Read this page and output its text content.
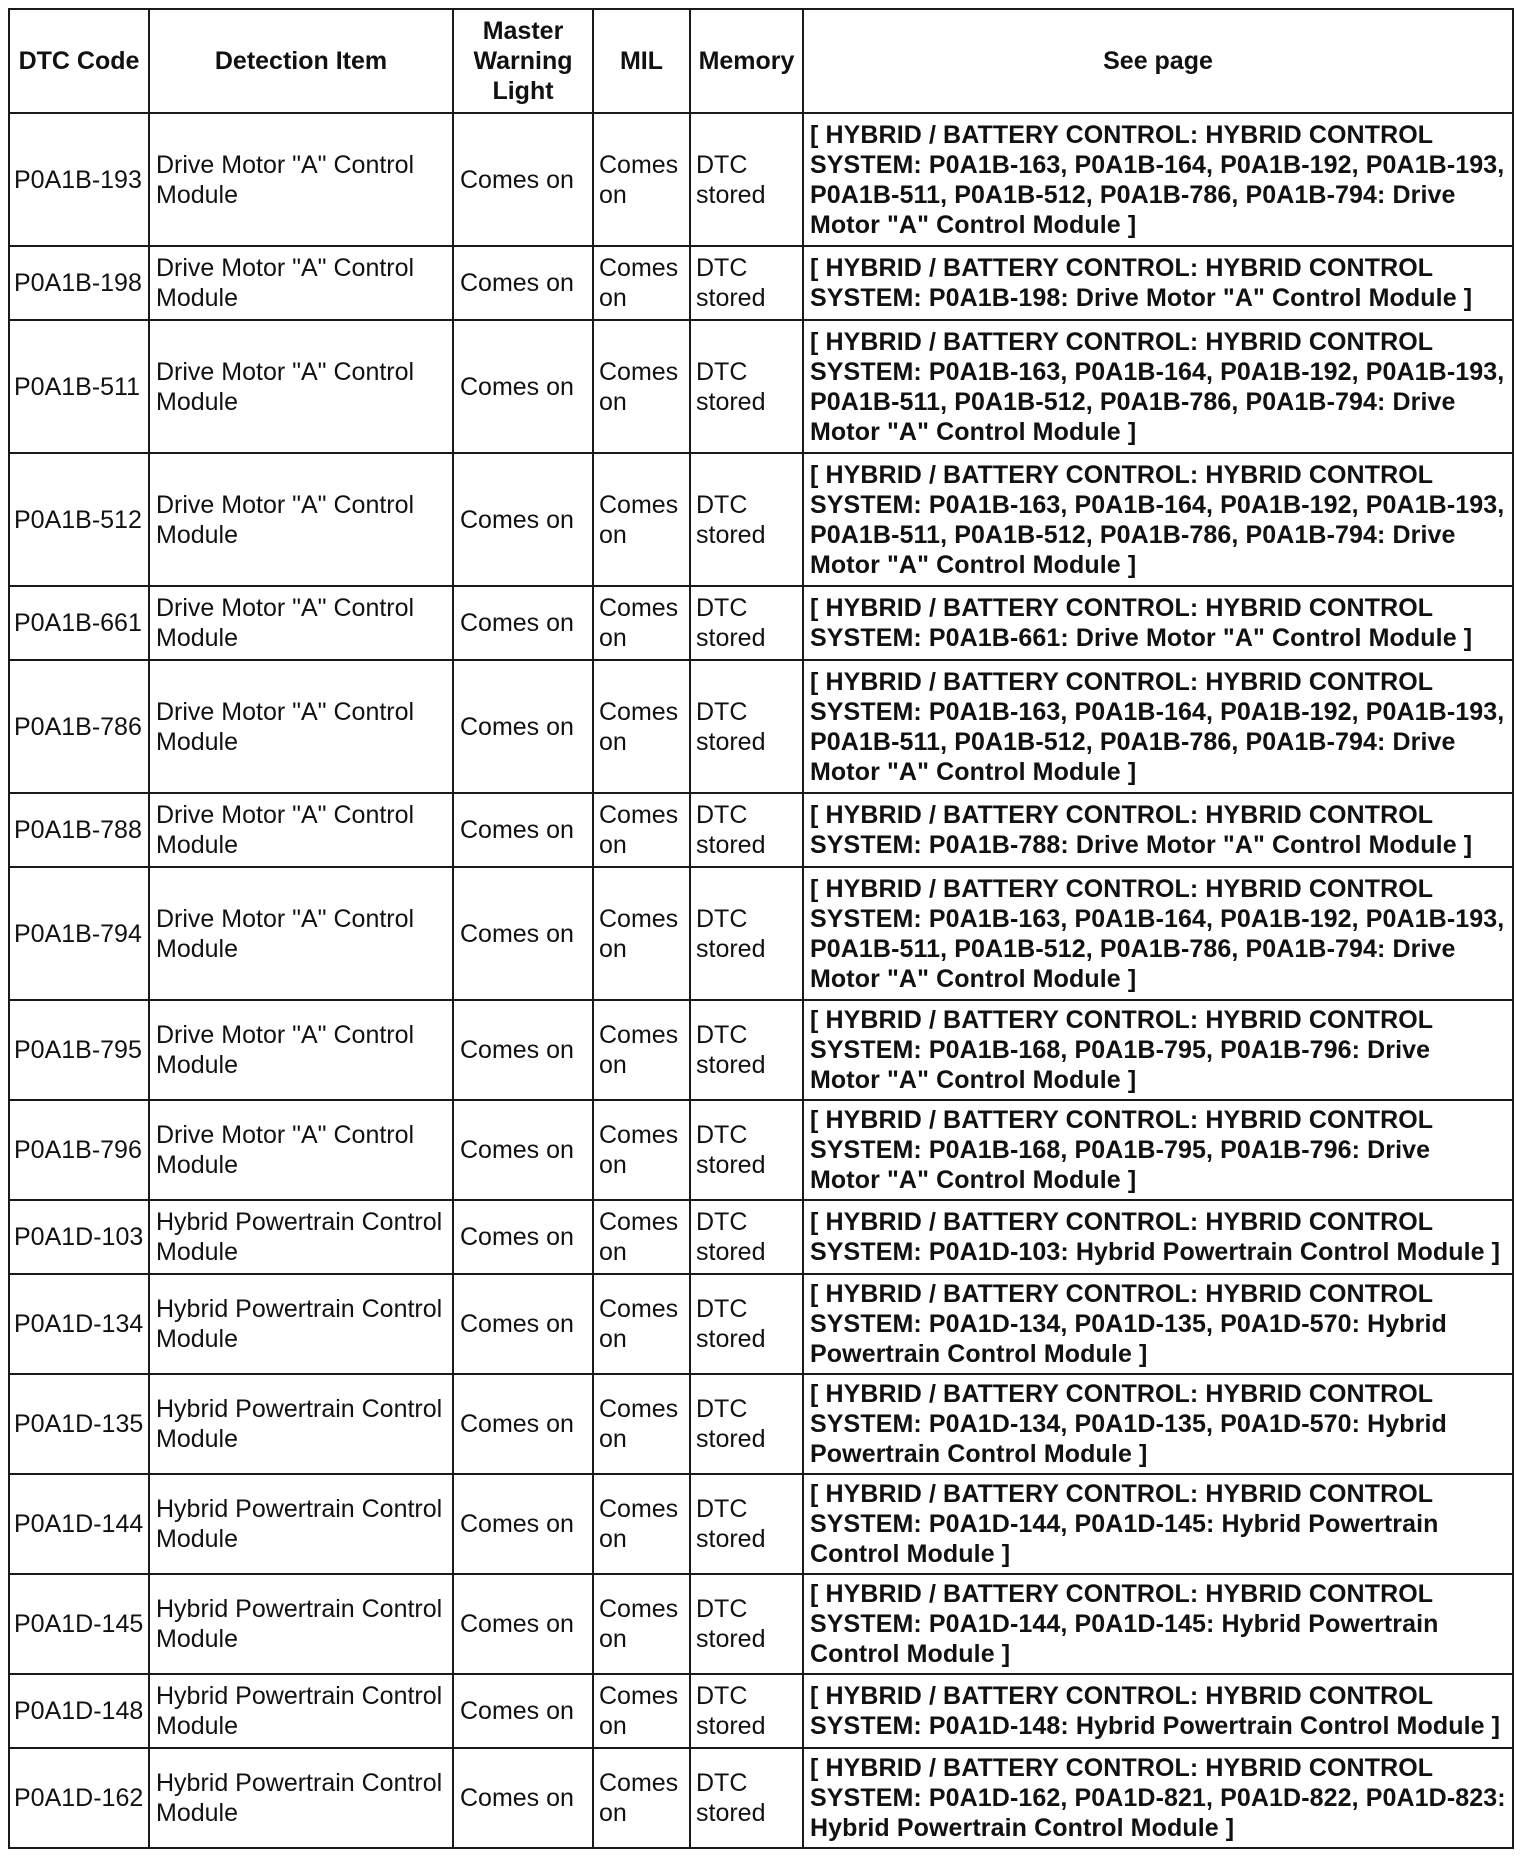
DTC Code	Detection Item	Master Warning Light	MIL	Memory	See page
P0A1B-193	Drive Motor "A" Control Module	Comes on	Comes on	DTC stored	[ HYBRID / BATTERY CONTROL: HYBRID CONTROL SYSTEM: P0A1B-163, P0A1B-164, P0A1B-192, P0A1B-193, P0A1B-511, P0A1B-512, P0A1B-786, P0A1B-794: Drive Motor "A" Control Module ]
P0A1B-198	Drive Motor "A" Control Module	Comes on	Comes on	DTC stored	[ HYBRID / BATTERY CONTROL: HYBRID CONTROL SYSTEM: P0A1B-198: Drive Motor "A" Control Module ]
P0A1B-511	Drive Motor "A" Control Module	Comes on	Comes on	DTC stored	[ HYBRID / BATTERY CONTROL: HYBRID CONTROL SYSTEM: P0A1B-163, P0A1B-164, P0A1B-192, P0A1B-193, P0A1B-511, P0A1B-512, P0A1B-786, P0A1B-794: Drive Motor "A" Control Module ]
P0A1B-512	Drive Motor "A" Control Module	Comes on	Comes on	DTC stored	[ HYBRID / BATTERY CONTROL: HYBRID CONTROL SYSTEM: P0A1B-163, P0A1B-164, P0A1B-192, P0A1B-193, P0A1B-511, P0A1B-512, P0A1B-786, P0A1B-794: Drive Motor "A" Control Module ]
P0A1B-661	Drive Motor "A" Control Module	Comes on	Comes on	DTC stored	[ HYBRID / BATTERY CONTROL: HYBRID CONTROL SYSTEM: P0A1B-661: Drive Motor "A" Control Module ]
P0A1B-786	Drive Motor "A" Control Module	Comes on	Comes on	DTC stored	[ HYBRID / BATTERY CONTROL: HYBRID CONTROL SYSTEM: P0A1B-163, P0A1B-164, P0A1B-192, P0A1B-193, P0A1B-511, P0A1B-512, P0A1B-786, P0A1B-794: Drive Motor "A" Control Module ]
P0A1B-788	Drive Motor "A" Control Module	Comes on	Comes on	DTC stored	[ HYBRID / BATTERY CONTROL: HYBRID CONTROL SYSTEM: P0A1B-788: Drive Motor "A" Control Module ]
P0A1B-794	Drive Motor "A" Control Module	Comes on	Comes on	DTC stored	[ HYBRID / BATTERY CONTROL: HYBRID CONTROL SYSTEM: P0A1B-163, P0A1B-164, P0A1B-192, P0A1B-193, P0A1B-511, P0A1B-512, P0A1B-786, P0A1B-794: Drive Motor "A" Control Module ]
P0A1B-795	Drive Motor "A" Control Module	Comes on	Comes on	DTC stored	[ HYBRID / BATTERY CONTROL: HYBRID CONTROL SYSTEM: P0A1B-168, P0A1B-795, P0A1B-796: Drive Motor "A" Control Module ]
P0A1B-796	Drive Motor "A" Control Module	Comes on	Comes on	DTC stored	[ HYBRID / BATTERY CONTROL: HYBRID CONTROL SYSTEM: P0A1B-168, P0A1B-795, P0A1B-796: Drive Motor "A" Control Module ]
P0A1D-103	Hybrid Powertrain Control Module	Comes on	Comes on	DTC stored	[ HYBRID / BATTERY CONTROL: HYBRID CONTROL SYSTEM: P0A1D-103: Hybrid Powertrain Control Module ]
P0A1D-134	Hybrid Powertrain Control Module	Comes on	Comes on	DTC stored	[ HYBRID / BATTERY CONTROL: HYBRID CONTROL SYSTEM: P0A1D-134, P0A1D-135, P0A1D-570: Hybrid Powertrain Control Module ]
P0A1D-135	Hybrid Powertrain Control Module	Comes on	Comes on	DTC stored	[ HYBRID / BATTERY CONTROL: HYBRID CONTROL SYSTEM: P0A1D-134, P0A1D-135, P0A1D-570: Hybrid Powertrain Control Module ]
P0A1D-144	Hybrid Powertrain Control Module	Comes on	Comes on	DTC stored	[ HYBRID / BATTERY CONTROL: HYBRID CONTROL SYSTEM: P0A1D-144, P0A1D-145: Hybrid Powertrain Control Module ]
P0A1D-145	Hybrid Powertrain Control Module	Comes on	Comes on	DTC stored	[ HYBRID / BATTERY CONTROL: HYBRID CONTROL SYSTEM: P0A1D-144, P0A1D-145: Hybrid Powertrain Control Module ]
P0A1D-148	Hybrid Powertrain Control Module	Comes on	Comes on	DTC stored	[ HYBRID / BATTERY CONTROL: HYBRID CONTROL SYSTEM: P0A1D-148: Hybrid Powertrain Control Module ]
P0A1D-162	Hybrid Powertrain Control Module	Comes on	Comes on	DTC stored	[ HYBRID / BATTERY CONTROL: HYBRID CONTROL SYSTEM: P0A1D-162, P0A1D-821, P0A1D-822, P0A1D-823: Hybrid Powertrain Control Module ]
